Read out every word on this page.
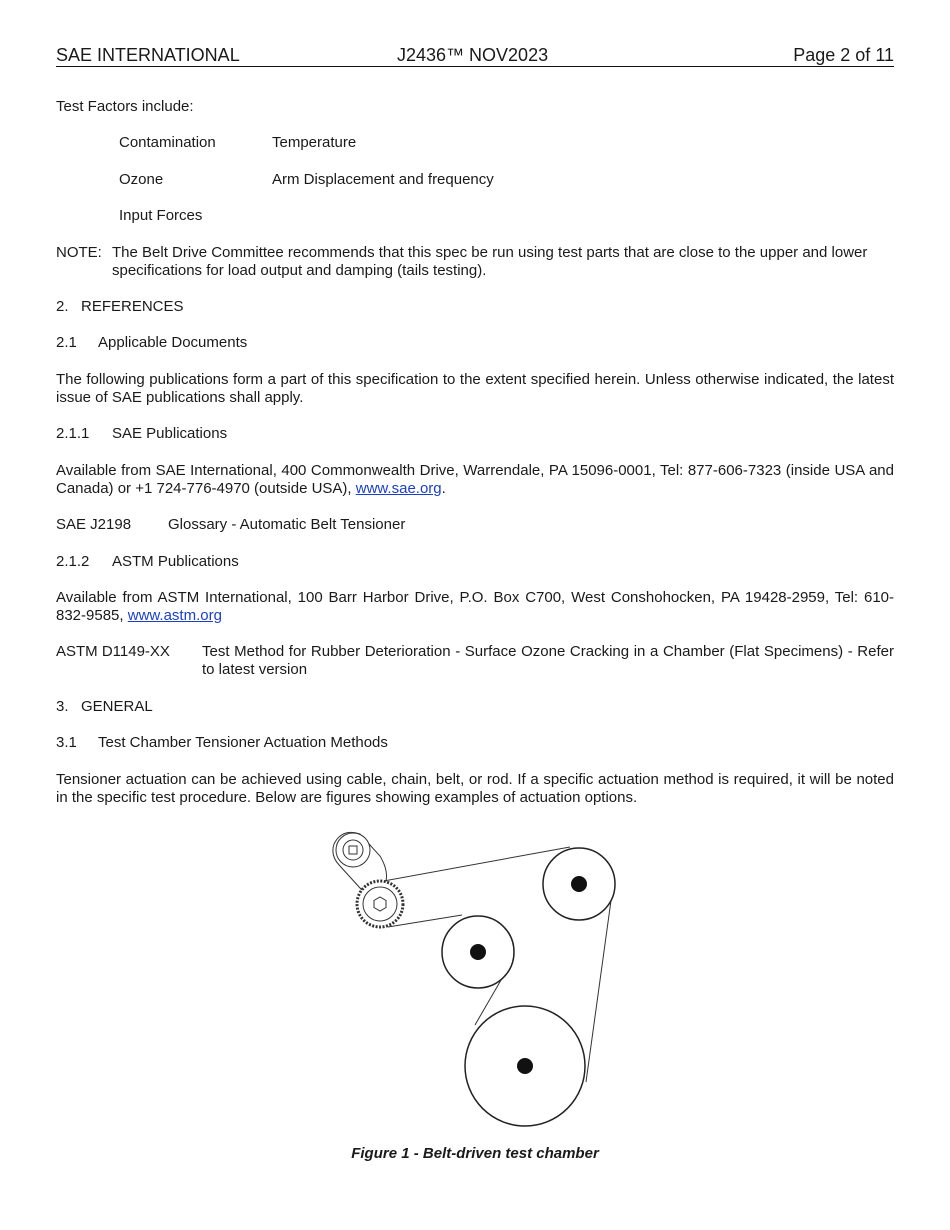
SAE INTERNATIONAL	J2436™ NOV2023	Page 2 of 11
Test Factors include:
Contamination	Temperature
Ozone	Arm Displacement and frequency
Input Forces
NOTE: The Belt Drive Committee recommends that this spec be run using test parts that are close to the upper and lower
specifications for load output and damping (tails testing).
2.   REFERENCES
2.1 Applicable Documents
The following publications form a part of this specification to the extent specified herein. Unless otherwise indicated, the latest issue of SAE publications shall apply.
2.1.1 SAE Publications
Available from SAE International, 400 Commonwealth Drive, Warrendale, PA 15096-0001, Tel: 877-606-7323 (inside USA and Canada) or +1 724-776-4970 (outside USA), www.sae.org.
SAE J2198 Glossary - Automatic Belt Tensioner
2.1.2 ASTM Publications
Available from ASTM International, 100 Barr Harbor Drive, P.O. Box C700, West Conshohocken, PA 19428-2959, Tel: 610-832-9585, www.astm.org
ASTM D1149-XX Test Method for Rubber Deterioration - Surface Ozone Cracking in a Chamber (Flat Specimens) - Refer to latest version
3.   GENERAL
3.1 Test Chamber Tensioner Actuation Methods
Tensioner actuation can be achieved using cable, chain, belt, or rod. If a specific actuation method is required, it will be noted in the specific test procedure. Below are figures showing examples of actuation options.
Figure 1 - Belt-driven test chamber
